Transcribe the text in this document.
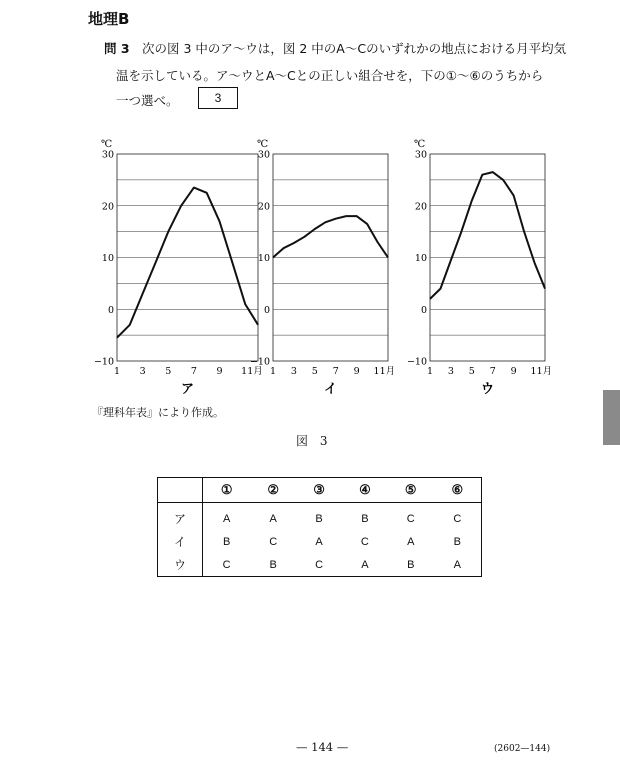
地理B
問 3 次の図 3 中のア～ウは，図 2 中のA～Cのいずれかの地点における月平均気
温を示している。ア～ウとA～Cとの正しい組合せを，下の①～⑥のうちから
一つ選べ。	3
℃
30
20
10
0
−10
1 3 5 7 9 11月
ア
℃
30
20
10
0
−10
1 3 5 7 9 11月
イ
℃
30
20
10
0
−10
1 3 5 7 9 11月
ウ
『理科年表』により作成。
図 3
	①	②	③	④	⑤	⑥
ア	A	A	B	B	C	C
イ	B	C	A	C	A	B
ウ	C	B	C	A	B	A
— 144 —	(2602—144)
